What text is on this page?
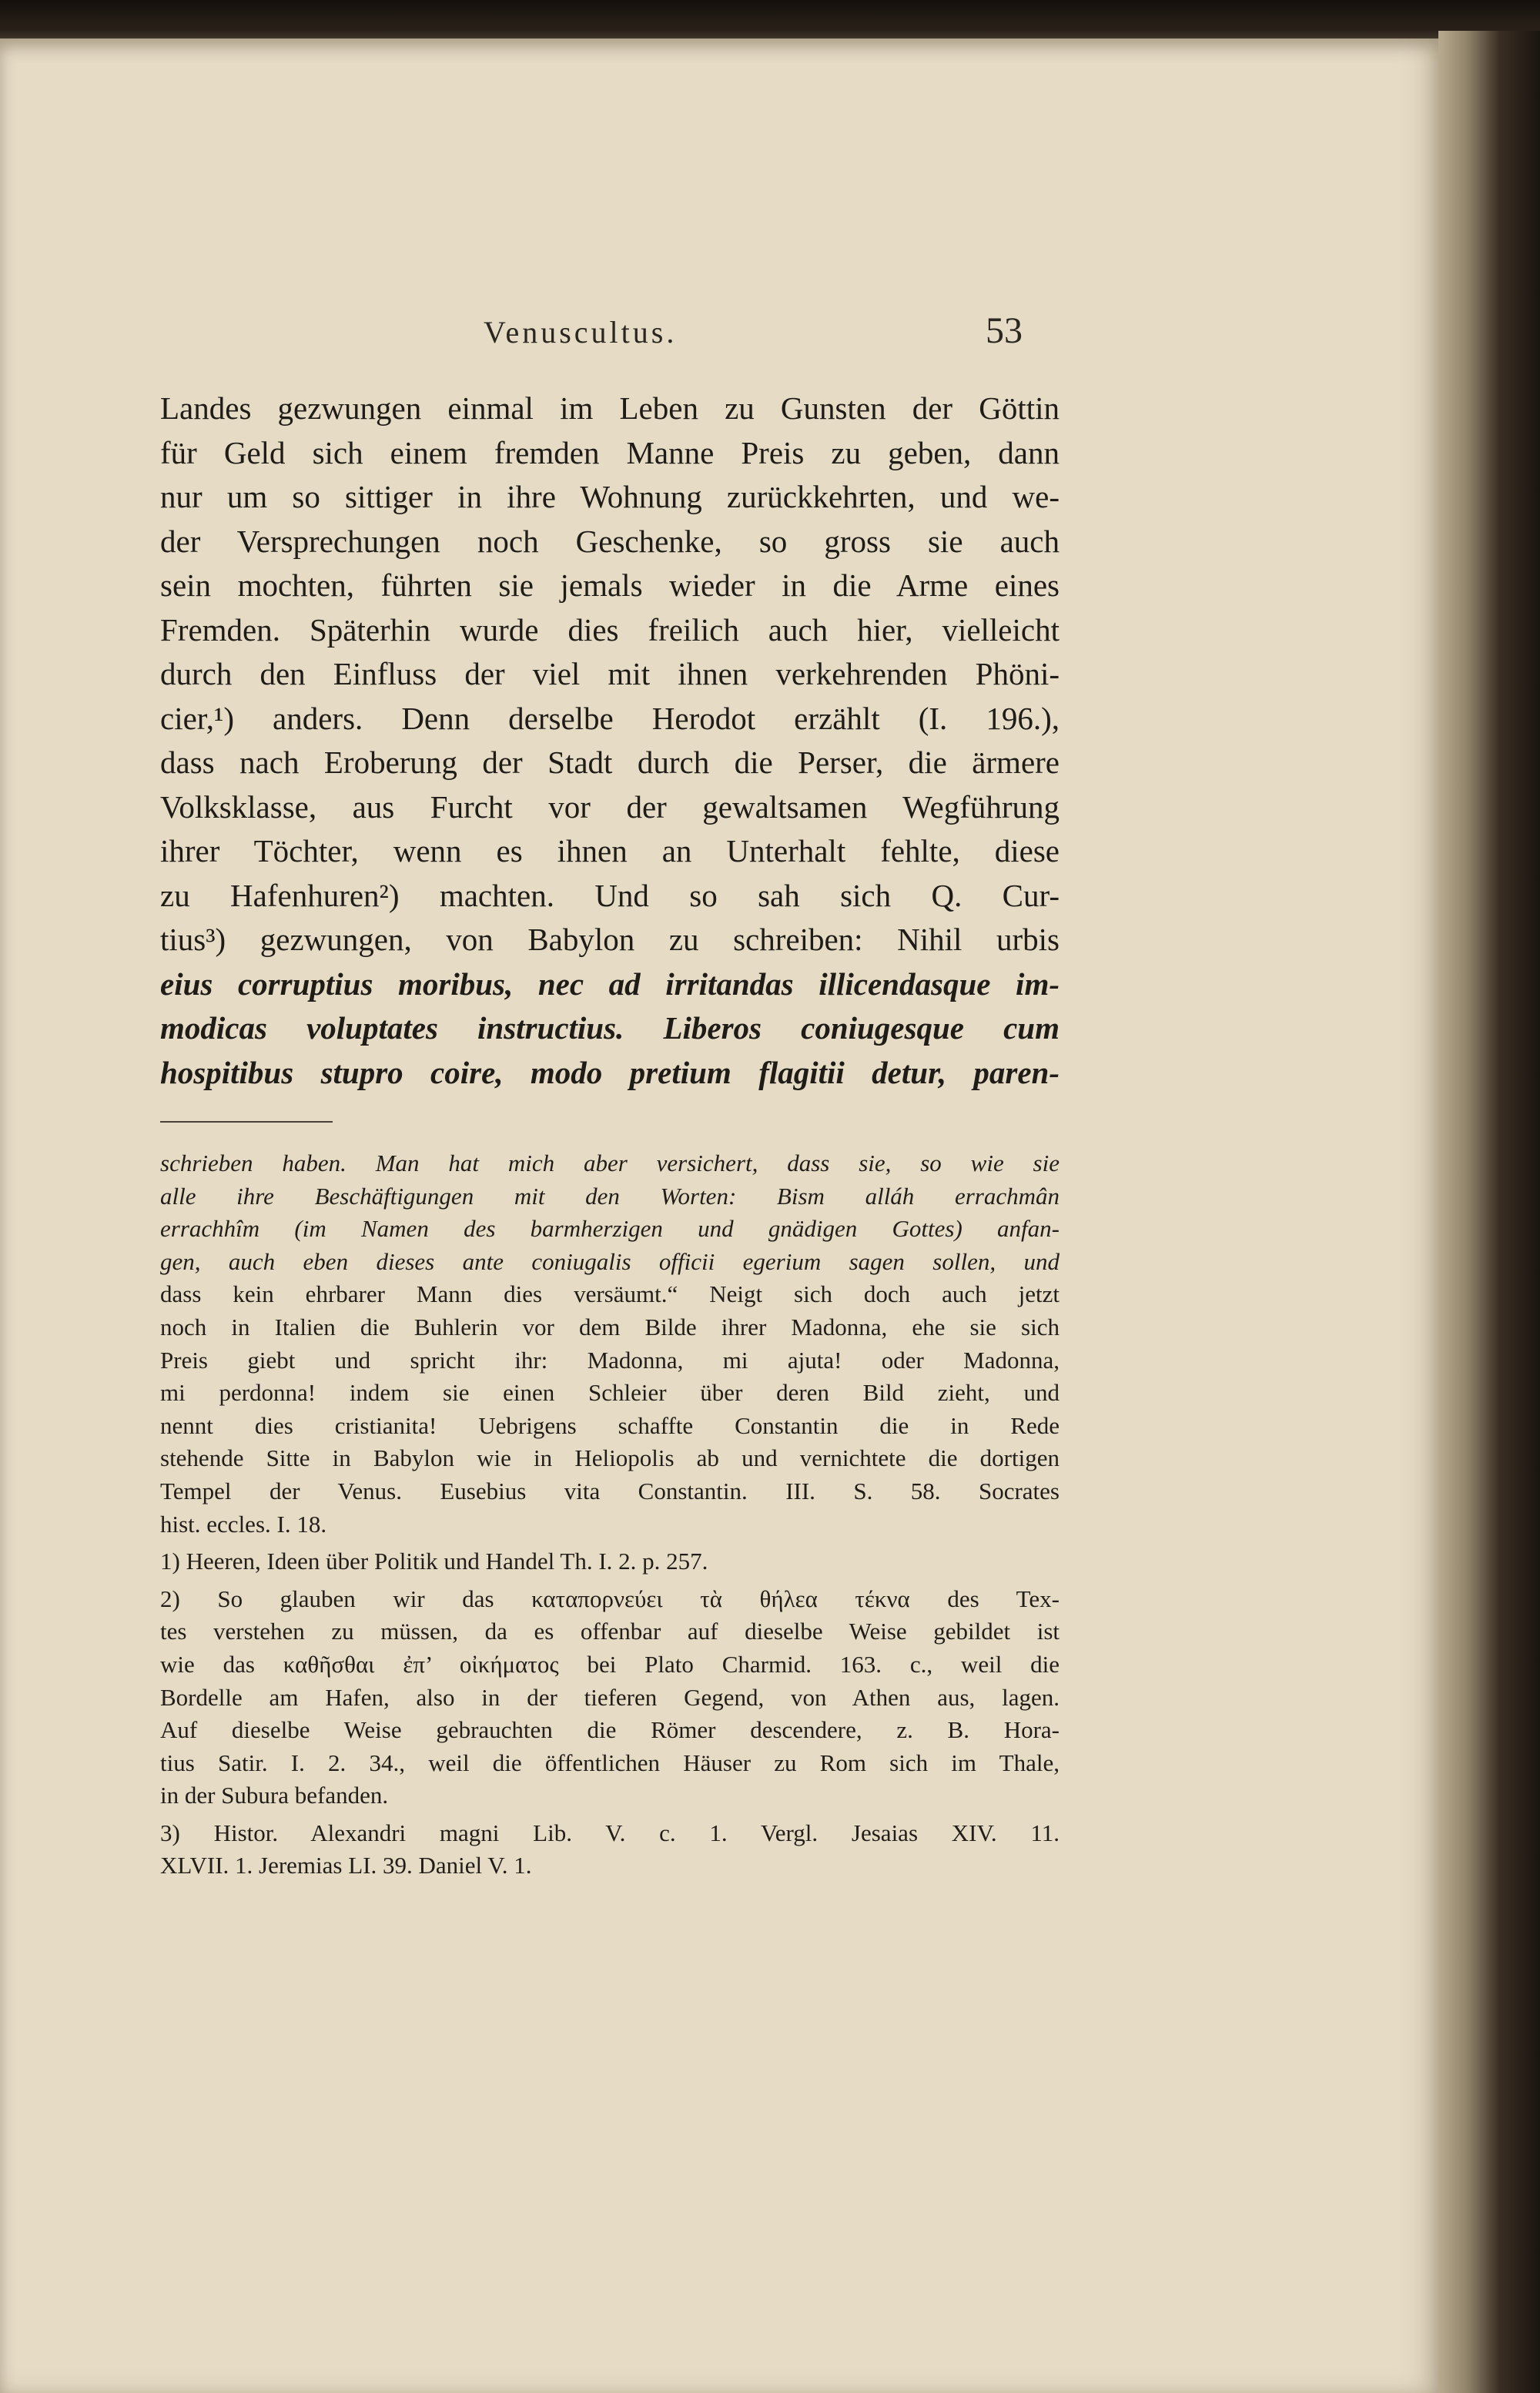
Venuscultus.	53
Landes gezwungen einmal im Leben zu Gunsten der Göttin
für Geld sich einem fremden Manne Preis zu geben, dann
nur um so sittiger in ihre Wohnung zurückkehrten, und we-
der Versprechungen noch Geschenke, so gross sie auch
sein mochten, führten sie jemals wieder in die Arme eines
Fremden. Späterhin wurde dies freilich auch hier, vielleicht
durch den Einfluss der viel mit ihnen verkehrenden Phöni-
cier,¹) anders. Denn derselbe Herodot erzählt (I. 196.),
dass nach Eroberung der Stadt durch die Perser, die ärmere
Volksklasse, aus Furcht vor der gewaltsamen Wegführung
ihrer Töchter, wenn es ihnen an Unterhalt fehlte, diese
zu Hafenhuren²) machten. Und so sah sich Q. Cur-
tius³) gezwungen, von Babylon zu schreiben: Nihil urbis
eius corruptius moribus, nec ad irritandas illicendasque im-
modicas voluptates instructius. Liberos coniugesque cum
hospitibus stupro coire, modo pretium flagitii detur, paren-
schrieben haben. Man hat mich aber versichert, dass sie, so wie sie
alle ihre Beschäftigungen mit den Worten: Bism alláh errachmân
errachhîm (im Namen des barmherzigen und gnädigen Gottes) anfan-
gen, auch eben dieses ante coniugalis officii egerium sagen sollen, und
dass kein ehrbarer Mann dies versäumt.“ Neigt sich doch auch jetzt
noch in Italien die Buhlerin vor dem Bilde ihrer Madonna, ehe sie sich
Preis giebt und spricht ihr: Madonna, mi ajuta! oder Madonna,
mi perdonna! indem sie einen Schleier über deren Bild zieht, und
nennt dies cristianita! Uebrigens schaffte Constantin die in Rede
stehende Sitte in Babylon wie in Heliopolis ab und vernichtete die dortigen
Tempel der Venus. Eusebius vita Constantin. III. S. 58. Socrates
hist. eccles. I. 18.
1) Heeren, Ideen über Politik und Handel Th. I. 2. p. 257.
2) So glauben wir das καταπορνεύει τὰ θήλεα τέκνα des Tex-
tes verstehen zu müssen, da es offenbar auf dieselbe Weise gebildet ist
wie das καθῆσθαι ἐπ’ οἰκήματος bei Plato Charmid. 163. c., weil die
Bordelle am Hafen, also in der tieferen Gegend, von Athen aus, lagen.
Auf dieselbe Weise gebrauchten die Römer descendere, z. B. Hora-
tius Satir. I. 2. 34., weil die öffentlichen Häuser zu Rom sich im Thale,
in der Subura befanden.
3) Histor. Alexandri magni Lib. V. c. 1. Vergl. Jesaias XIV. 11.
XLVII. 1. Jeremias LI. 39. Daniel V. 1.
